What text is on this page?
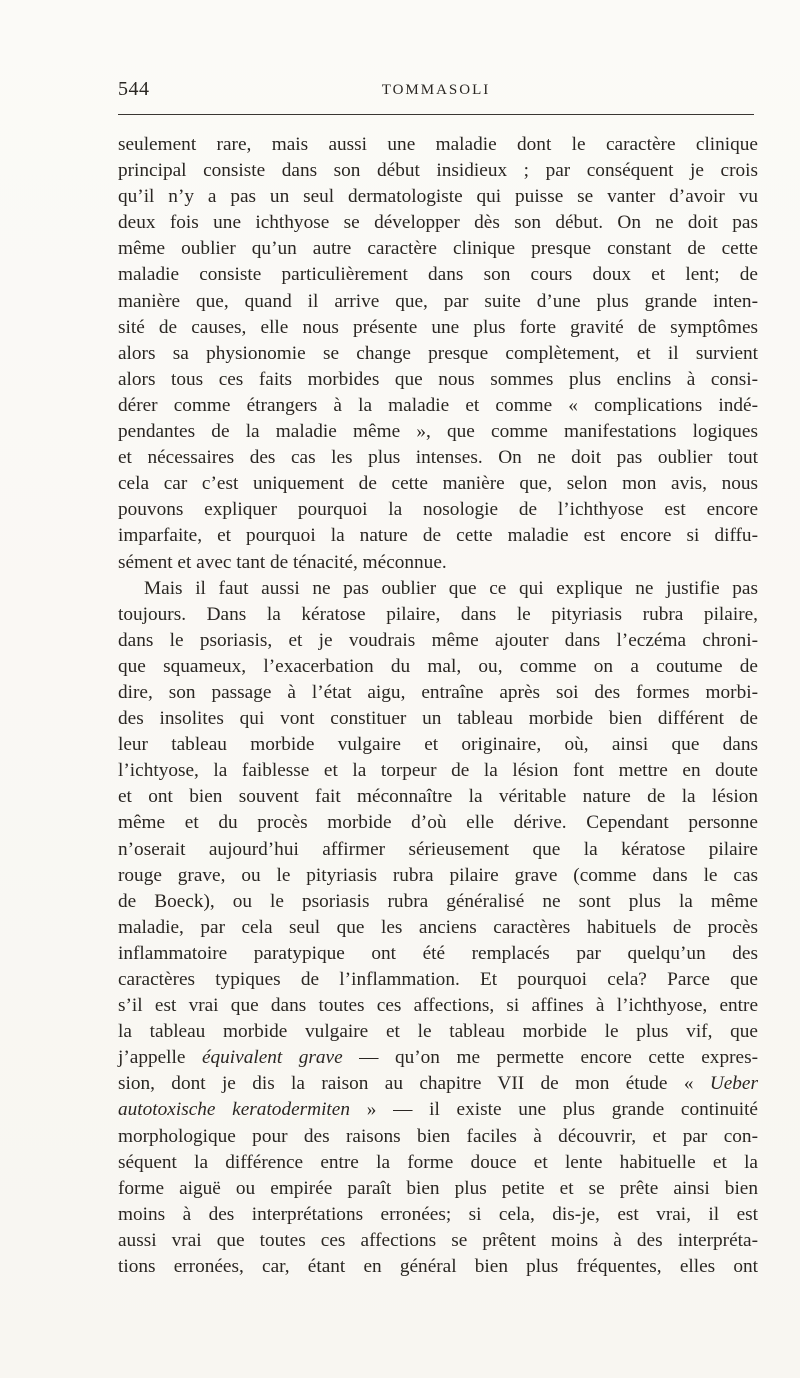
544	TOMMASOLI
seulement rare, mais aussi une maladie dont le caractère clinique
principal consiste dans son début insidieux ; par conséquent je crois
qu’il n’y a pas un seul dermatologiste qui puisse se vanter d’avoir vu
deux fois une ichthyose se développer dès son début. On ne doit pas
même oublier qu’un autre caractère clinique presque constant de cette
maladie consiste particulièrement dans son cours doux et lent; de
manière que, quand il arrive que, par suite d’une plus grande inten-
sité de causes, elle nous présente une plus forte gravité de symptômes
alors sa physionomie se change presque complètement, et il survient
alors tous ces faits morbides que nous sommes plus enclins à consi-
dérer comme étrangers à la maladie et comme « complications indé-
pendantes de la maladie même », que comme manifestations logiques
et nécessaires des cas les plus intenses. On ne doit pas oublier tout
cela car c’est uniquement de cette manière que, selon mon avis, nous
pouvons expliquer pourquoi la nosologie de l’ichthyose est encore
imparfaite, et pourquoi la nature de cette maladie est encore si diffu-
sément et avec tant de ténacité, méconnue.
Mais il faut aussi ne pas oublier que ce qui explique ne justifie pas
toujours. Dans la kératose pilaire, dans le pityriasis rubra pilaire,
dans le psoriasis, et je voudrais même ajouter dans l’eczéma chroni-
que squameux, l’exacerbation du mal, ou, comme on a coutume de
dire, son passage à l’état aigu, entraîne après soi des formes morbi-
des insolites qui vont constituer un tableau morbide bien différent de
leur tableau morbide vulgaire et originaire, où, ainsi que dans
l’ichtyose, la faiblesse et la torpeur de la lésion font mettre en doute
et ont bien souvent fait méconnaître la véritable nature de la lésion
même et du procès morbide d’où elle dérive. Cependant personne
n’oserait aujourd’hui affirmer sérieusement que la kératose pilaire
rouge grave, ou le pityriasis rubra pilaire grave (comme dans le cas
de Boeck), ou le psoriasis rubra généralisé ne sont plus la même
maladie, par cela seul que les anciens caractères habituels de procès
inflammatoire paratypique ont été remplacés par quelqu’un des
caractères typiques de l’inflammation. Et pourquoi cela? Parce que
s’il est vrai que dans toutes ces affections, si affines à l’ichthyose, entre
la tableau morbide vulgaire et le tableau morbide le plus vif, que
j’appelle équivalent grave — qu’on me permette encore cette expres-
sion, dont je dis la raison au chapitre VII de mon étude « Ueber
autotoxische keratodermiten » — il existe une plus grande continuité
morphologique pour des raisons bien faciles à découvrir, et par con-
séquent la différence entre la forme douce et lente habituelle et la
forme aiguë ou empirée paraît bien plus petite et se prête ainsi bien
moins à des interprétations erronées; si cela, dis-je, est vrai, il est
aussi vrai que toutes ces affections se prêtent moins à des interpréta-
tions erronées, car, étant en général bien plus fréquentes, elles ont
